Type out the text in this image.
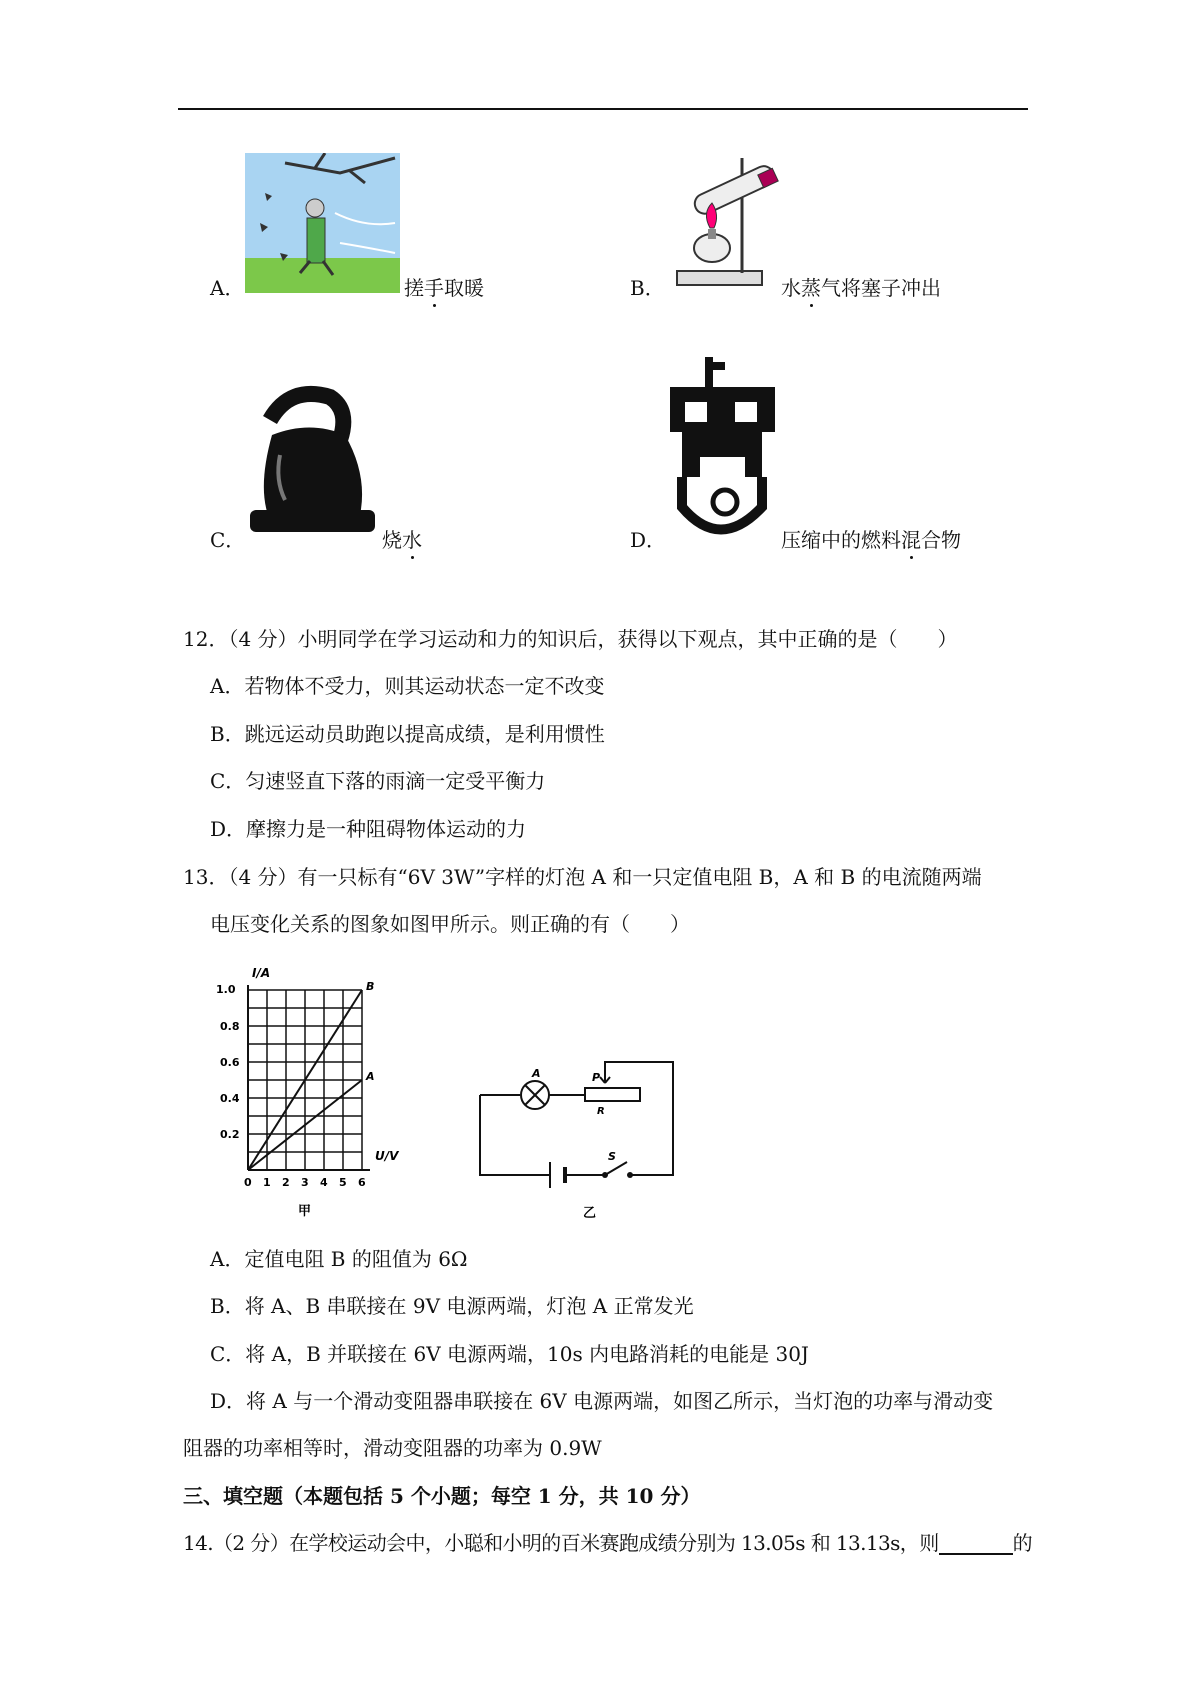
A．	搓手取暖	B．	水蒸气将塞子冲出
C．	烧水	D．	压缩中的燃料混合物
12．（4 分）小明同学在学习运动和力的知识后，获得以下观点，其中正确的是（　　）
A．若物体不受力，则其运动状态一定不改变
B．跳远运动员助跑以提高成绩，是利用惯性
C．匀速竖直下落的雨滴一定受平衡力
D．摩擦力是一种阻碍物体运动的力
13．（4 分）有一只标有“6V 3W”字样的灯泡 A 和一只定值电阻 B，A 和 B 的电流随两端
电压变化关系的图象如图甲所示。则正确的有（　　）
I/A
U/V
1.0
0.8
0.6
0.4
0.2
0 1 2 3 4 5 6
B
A
甲
A	P
R
S
乙
A．定值电阻 B 的阻值为 6Ω
B．将 A、B 串联接在 9V 电源两端，灯泡 A 正常发光
C．将 A，B 并联接在 6V 电源两端，10s 内电路消耗的电能是 30J
D．将 A 与一个滑动变阻器串联接在 6V 电源两端，如图乙所示，当灯泡的功率与滑动变
阻器的功率相等时，滑动变阻器的功率为 0.9W
三、填空题（本题包括 5 个小题；每空 1 分，共 10 分）
14.（2 分）在学校运动会中，小聪和小明的百米赛跑成绩分别为 13.05s 和 13.13s，则	的
